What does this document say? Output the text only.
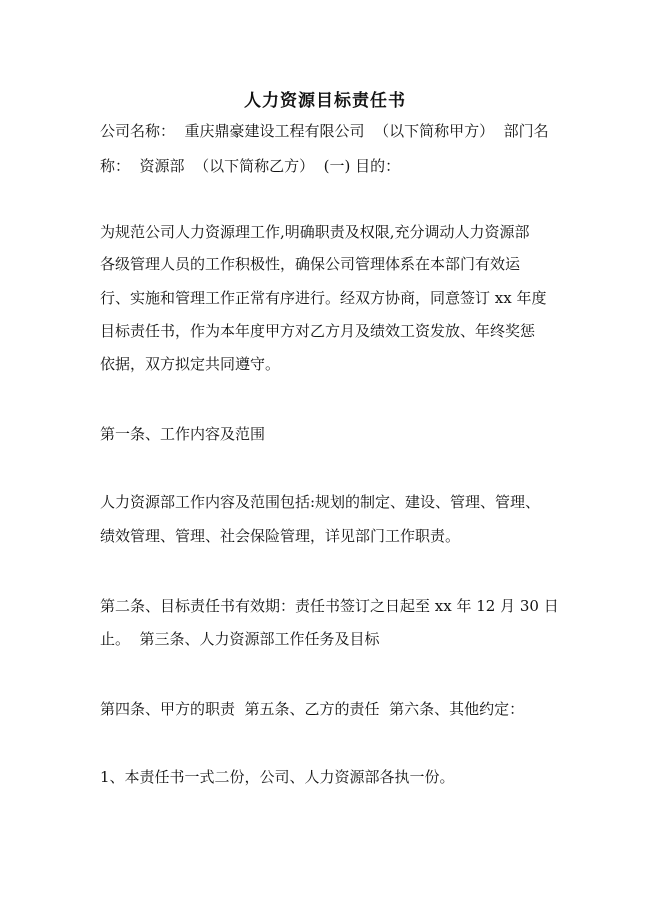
人力资源目标责任书
公司名称：  重庆鼎豪建设工程有限公司  （以下简称甲方）  部门名
称：  资源部  （以下简称乙方）  (一) 目的：
为规范公司人力资源理工作,明确职责及权限,充分调动人力资源部
各级管理人员的工作积极性，确保公司管理体系在本部门有效运
行、实施和管理工作正常有序进行。经双方协商，同意签订 xx 年度
目标责任书，作为本年度甲方对乙方月及绩效工资发放、年终奖惩
依据，双方拟定共同遵守。
第一条、工作内容及范围
人力资源部工作内容及范围包括:规划的制定、建设、管理、管理、
绩效管理、管理、社会保险管理，详见部门工作职责。
第二条、目标责任书有效期：责任书签订之日起至 xx 年 12 月 30 日
止。  第三条、人力资源部工作任务及目标
第四条、甲方的职责  第五条、乙方的责任  第六条、其他约定：
1、本责任书一式二份，公司、人力资源部各执一份。
